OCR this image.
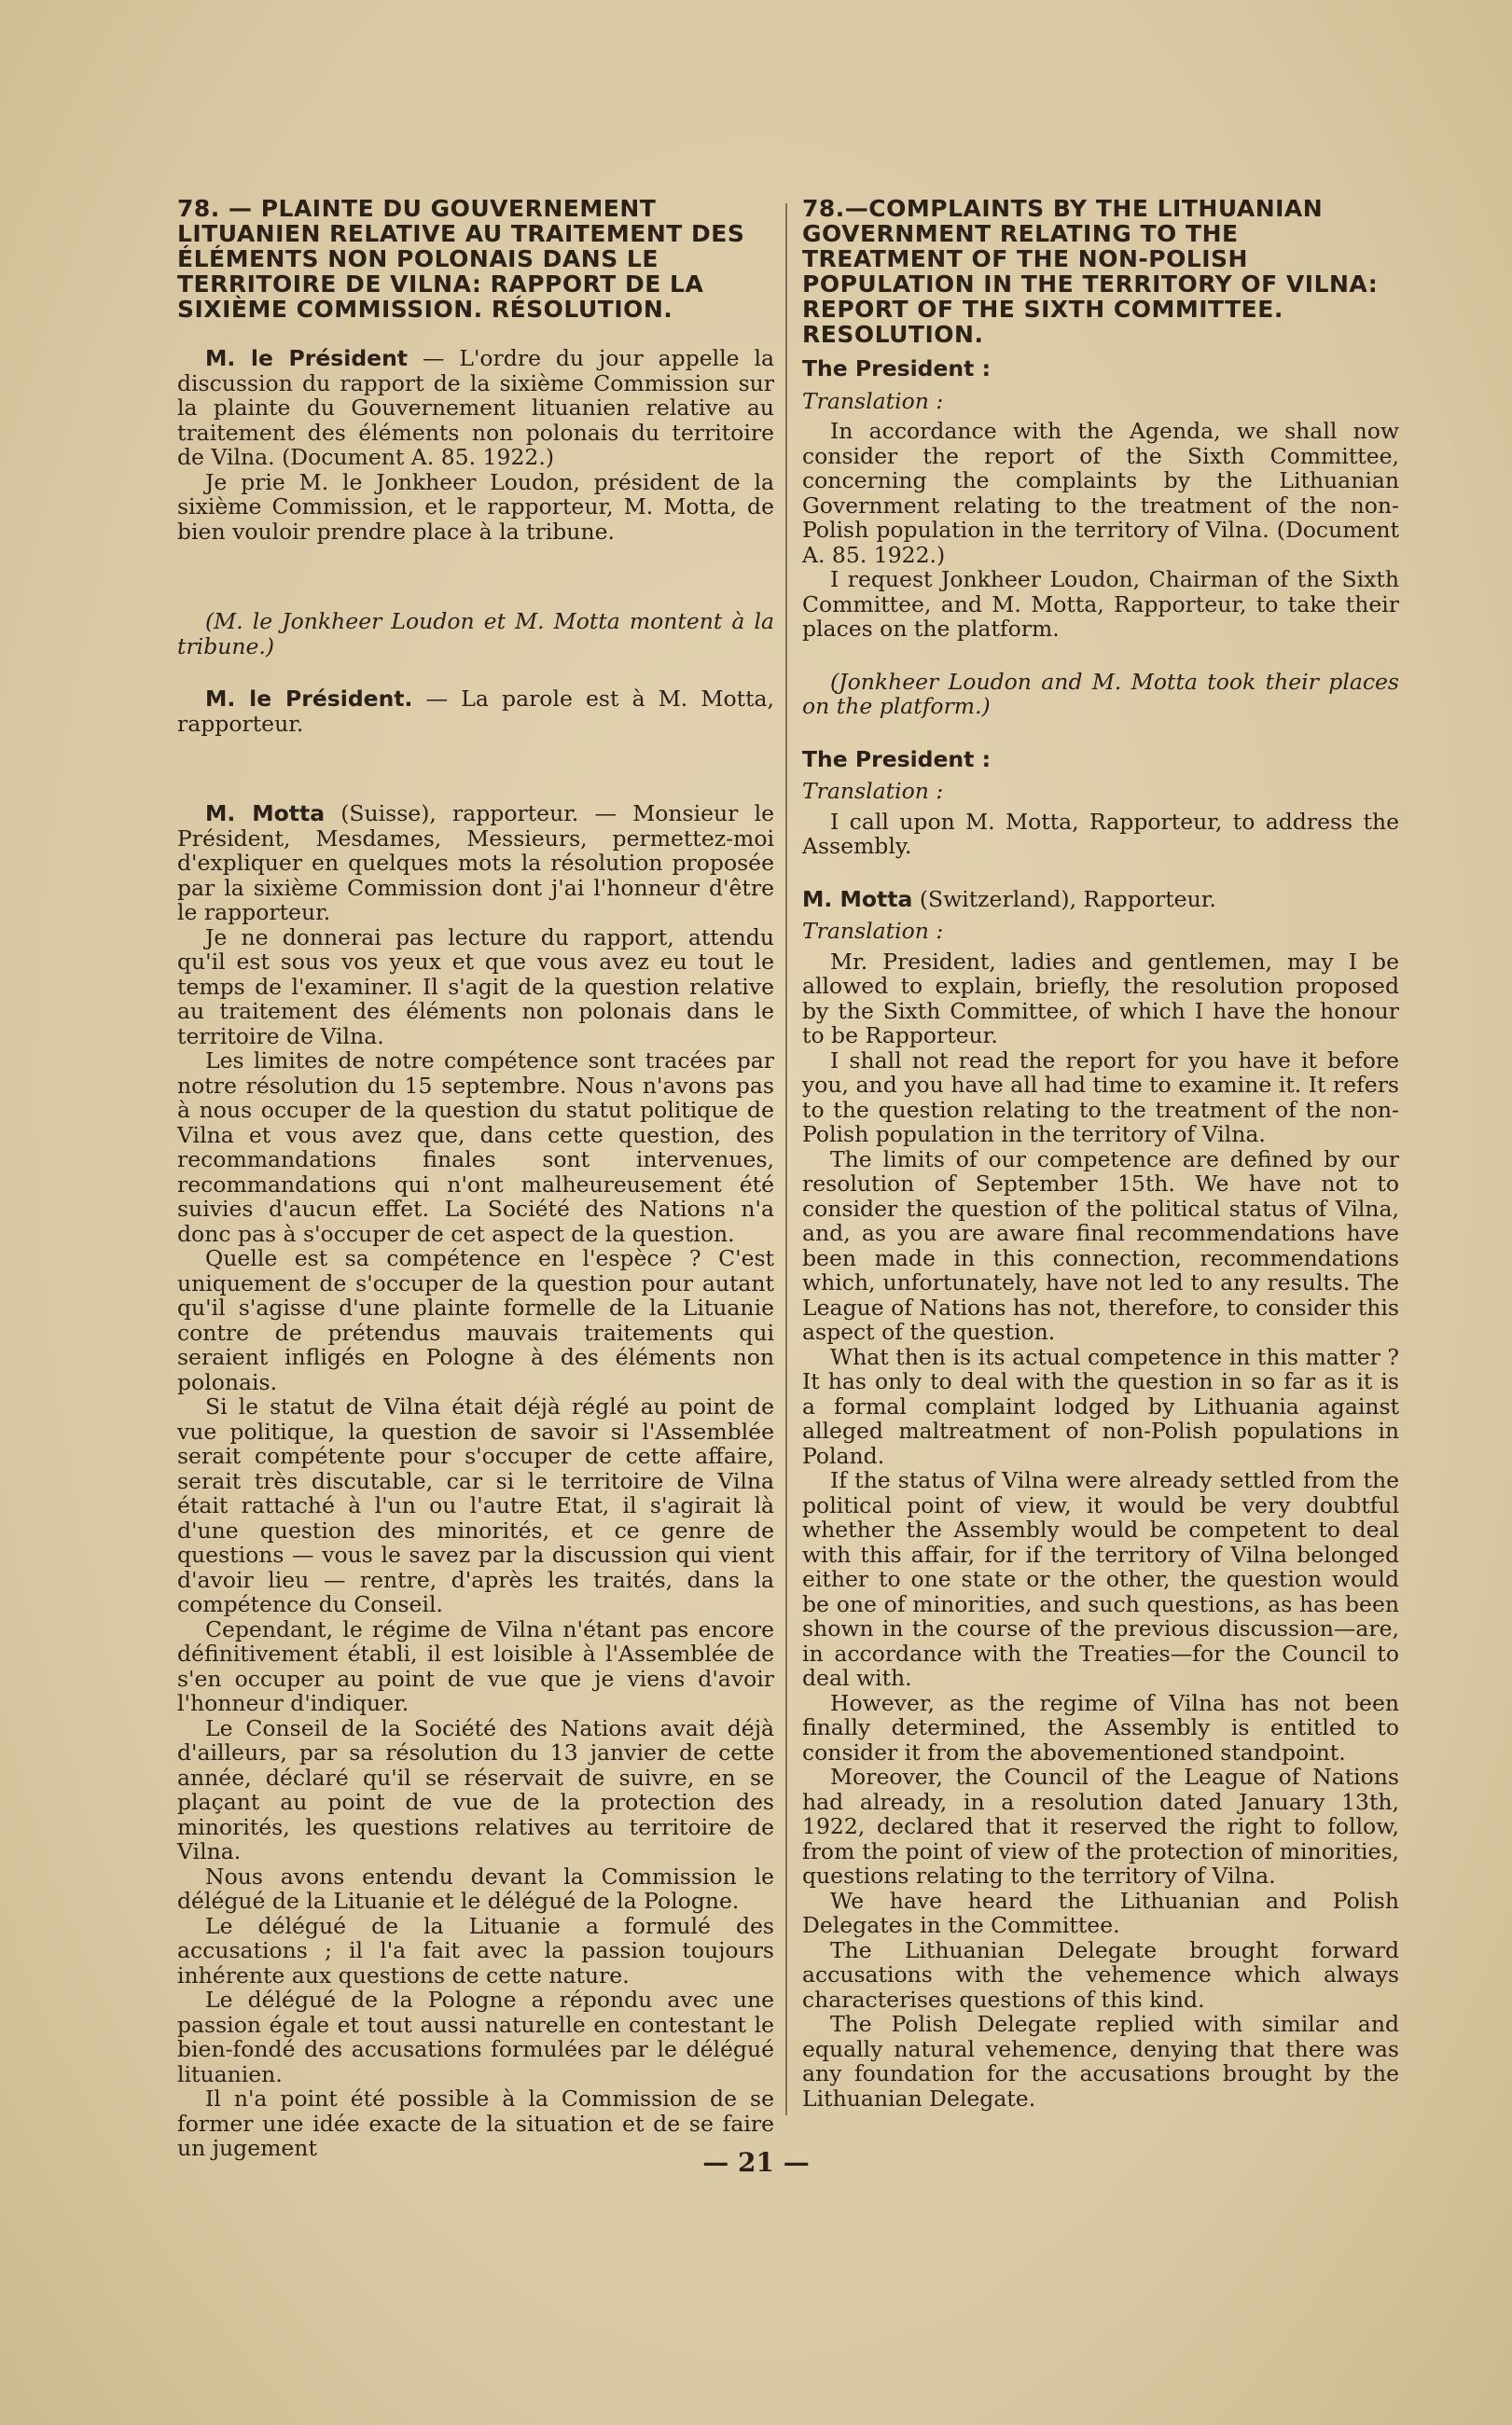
78. — PLAINTE DU GOUVERNEMENT LITUANIEN RELATIVE AU TRAITEMENT DES ÉLÉMENTS NON POLONAIS DANS LE TERRITOIRE DE VILNA: RAPPORT DE LA SIXIÈME COMMISSION. RÉSOLUTION.

M. le Président — L'ordre du jour appelle la discussion du rapport de la sixième Commission sur la plainte du Gouvernement lituanien relative au traitement des éléments non polonais du territoire de Vilna. (Document A. 85. 1922.)

Je prie M. le Jonkheer Loudon, président de la sixième Commission, et le rapporteur, M. Motta, de bien vouloir prendre place à la tribune.

(M. le Jonkheer Loudon et M. Motta montent à la tribune.)

M. le Président. — La parole est à M. Motta, rapporteur.

M. Motta (Suisse), rapporteur. — Monsieur le Président, Mesdames, Messieurs, permettez-moi d'expliquer en quelques mots la résolution proposée par la sixième Commission dont j'ai l'honneur d'être le rapporteur.

Je ne donnerai pas lecture du rapport, attendu qu'il est sous vos yeux et que vous avez eu tout le temps de l'examiner. Il s'agit de la question relative au traitement des éléments non polonais dans le territoire de Vilna.

Les limites de notre compétence sont tracées par notre résolution du 15 septembre. Nous n'avons pas à nous occuper de la question du statut politique de Vilna et vous avez que, dans cette question, des recommandations finales sont intervenues, recommandations qui n'ont malheureusement été suivies d'aucun effet. La Société des Nations n'a donc pas à s'occuper de cet aspect de la question.

Quelle est sa compétence en l'espèce ? C'est uniquement de s'occuper de la question pour autant qu'il s'agisse d'une plainte formelle de la Lituanie contre de prétendus mauvais traitements qui seraient infligés en Pologne à des éléments non polonais.

Si le statut de Vilna était déjà réglé au point de vue politique, la question de savoir si l'Assemblée serait compétente pour s'occuper de cette affaire, serait très discutable, car si le territoire de Vilna était rattaché à l'un ou l'autre Etat, il s'agirait là d'une question des minorités, et ce genre de questions — vous le savez par la discussion qui vient d'avoir lieu — rentre, d'après les traités, dans la compétence du Conseil.

Cependant, le régime de Vilna n'étant pas encore définitivement établi, il est loisible à l'Assemblée de s'en occuper au point de vue que je viens d'avoir l'honneur d'indiquer.

Le Conseil de la Société des Nations avait déjà d'ailleurs, par sa résolution du 13 janvier de cette année, déclaré qu'il se réservait de suivre, en se plaçant au point de vue de la protection des minorités, les questions relatives au territoire de Vilna.

Nous avons entendu devant la Commission le délégué de la Lituanie et le délégué de la Pologne.

Le délégué de la Lituanie a formulé des accusations ; il l'a fait avec la passion toujours inhérente aux questions de cette nature.

Le délégué de la Pologne a répondu avec une passion égale et tout aussi naturelle en contestant le bien-fondé des accusations formulées par le délégué lituanien.

Il n'a point été possible à la Commission de se former une idée exacte de la situation et de se faire un jugement

78.—COMPLAINTS BY THE LITHUANIAN GOVERNMENT RELATING TO THE TREATMENT OF THE NON-POLISH POPULATION IN THE TERRITORY OF VILNA: REPORT OF THE SIXTH COMMITTEE. RESOLUTION.

The President :

Translation :

In accordance with the Agenda, we shall now consider the report of the Sixth Committee, concerning the complaints by the Lithuanian Government relating to the treatment of the non-Polish population in the territory of Vilna. (Document A. 85. 1922.)

I request Jonkheer Loudon, Chairman of the Sixth Committee, and M. Motta, Rapporteur, to take their places on the platform.

(Jonkheer Loudon and M. Motta took their places on the platform.)

The President :

Translation :

I call upon M. Motta, Rapporteur, to address the Assembly.

M. Motta (Switzerland), Rapporteur.

Translation :

Mr. President, ladies and gentlemen, may I be allowed to explain, briefly, the resolution proposed by the Sixth Committee, of which I have the honour to be Rapporteur.

I shall not read the report for you have it before you, and you have all had time to examine it. It refers to the question relating to the treatment of the non-Polish population in the territory of Vilna.

The limits of our competence are defined by our resolution of September 15th. We have not to consider the question of the political status of Vilna, and, as you are aware final recommendations have been made in this connection, recommendations which, unfortunately, have not led to any results. The League of Nations has not, therefore, to consider this aspect of the question.

What then is its actual competence in this matter ? It has only to deal with the question in so far as it is a formal complaint lodged by Lithuania against alleged maltreatment of non-Polish populations in Poland.

If the status of Vilna were already settled from the political point of view, it would be very doubtful whether the Assembly would be competent to deal with this affair, for if the territory of Vilna belonged either to one state or the other, the question would be one of minorities, and such questions, as has been shown in the course of the previous discussion—are, in accordance with the Treaties—for the Council to deal with.

However, as the regime of Vilna has not been finally determined, the Assembly is entitled to consider it from the abovementioned standpoint.

Moreover, the Council of the League of Nations had already, in a resolution dated January 13th, 1922, declared that it reserved the right to follow, from the point of view of the protection of minorities, questions relating to the territory of Vilna.

We have heard the Lithuanian and Polish Delegates in the Committee.

The Lithuanian Delegate brought forward accusations with the vehemence which always characterises questions of this kind.

The Polish Delegate replied with similar and equally natural vehemence, denying that there was any foundation for the accusations brought by the Lithuanian Delegate.

— 21 —
